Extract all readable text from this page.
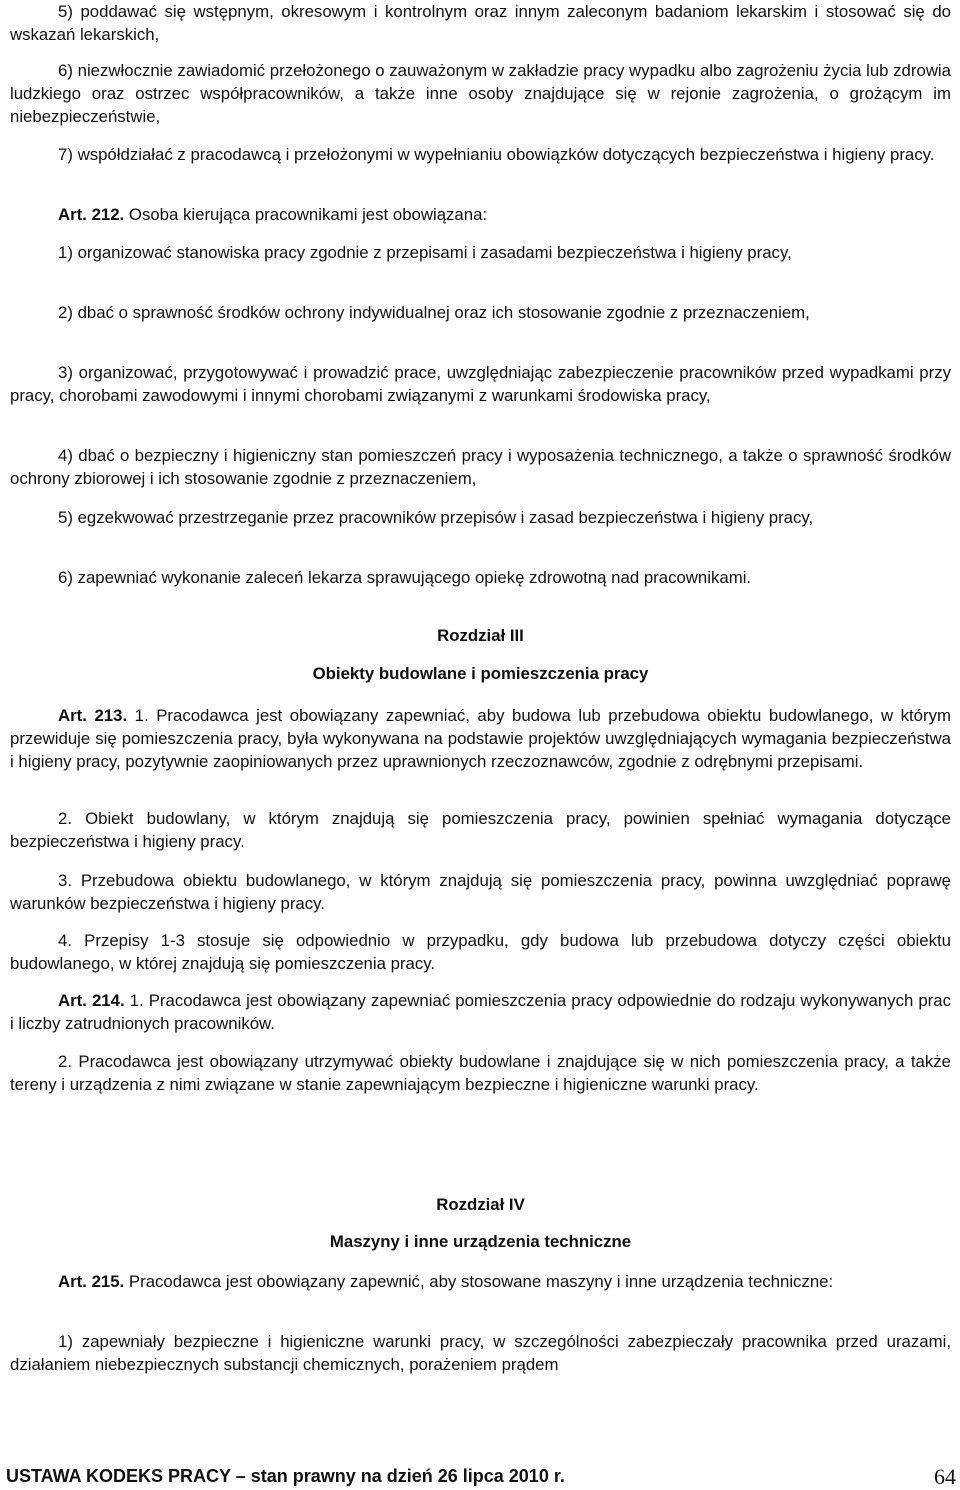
5) poddawać się wstępnym, okresowym i kontrolnym oraz innym zaleconym badaniom lekarskim i stosować się do wskazań lekarskich,

6) niezwłocznie zawiadomić przełożonego o zauważonym w zakładzie pracy wypadku albo zagrożeniu życia lub zdrowia ludzkiego oraz ostrzec współpracowników, a także inne osoby znajdujące się w rejonie zagrożenia, o grożącym im niebezpieczeństwie,

7) współdziałać z pracodawcą i przełożonymi w wypełnianiu obowiązków dotyczących bezpieczeństwa i higieny pracy.

Art. 212. Osoba kierująca pracownikami jest obowiązana:

1) organizować stanowiska pracy zgodnie z przepisami i zasadami bezpieczeństwa i higieny pracy,

2) dbać o sprawność środków ochrony indywidualnej oraz ich stosowanie zgodnie z przeznaczeniem,

3) organizować, przygotowywać i prowadzić prace, uwzględniając zabezpieczenie pracowników przed wypadkami przy pracy, chorobami zawodowymi i innymi chorobami związanymi z warunkami środowiska pracy,

4) dbać o bezpieczny i higieniczny stan pomieszczeń pracy i wyposażenia technicznego, a także o sprawność środków ochrony zbiorowej i ich stosowanie zgodnie z przeznaczeniem,

5) egzekwować przestrzeganie przez pracowników przepisów i zasad bezpieczeństwa i higieny pracy,

6) zapewniać wykonanie zaleceń lekarza sprawującego opiekę zdrowotną nad pracownikami.

Rozdział III

Obiekty budowlane i pomieszczenia pracy

Art. 213. 1. Pracodawca jest obowiązany zapewniać, aby budowa lub przebudowa obiektu budowlanego, w którym przewiduje się pomieszczenia pracy, była wykonywana na podstawie projektów uwzględniających wymagania bezpieczeństwa i higieny pracy, pozytywnie zaopiniowanych przez uprawnionych rzeczoznawców, zgodnie z odrębnymi przepisami.

2. Obiekt budowlany, w którym znajdują się pomieszczenia pracy, powinien spełniać wymagania dotyczące bezpieczeństwa i higieny pracy.

3. Przebudowa obiektu budowlanego, w którym znajdują się pomieszczenia pracy, powinna uwzględniać poprawę warunków bezpieczeństwa i higieny pracy.

4. Przepisy 1-3 stosuje się odpowiednio w przypadku, gdy budowa lub przebudowa dotyczy części obiektu budowlanego, w której znajdują się pomieszczenia pracy.

Art. 214. 1. Pracodawca jest obowiązany zapewniać pomieszczenia pracy odpowiednie do rodzaju wykonywanych prac i liczby zatrudnionych pracowników.

2. Pracodawca jest obowiązany utrzymywać obiekty budowlane i znajdujące się w nich pomieszczenia pracy, a także tereny i urządzenia z nimi związane w stanie zapewniającym bezpieczne i higieniczne warunki pracy.

Rozdział IV

Maszyny i inne urządzenia techniczne

Art. 215. Pracodawca jest obowiązany zapewnić, aby stosowane maszyny i inne urządzenia techniczne:

1) zapewniały bezpieczne i higieniczne warunki pracy, w szczególności zabezpieczały pracownika przed urazami, działaniem niebezpiecznych substancji chemicznych, porażeniem prądem

USTAWA KODEKS PRACY – stan prawny na dzień 26 lipca 2010 r.	64
